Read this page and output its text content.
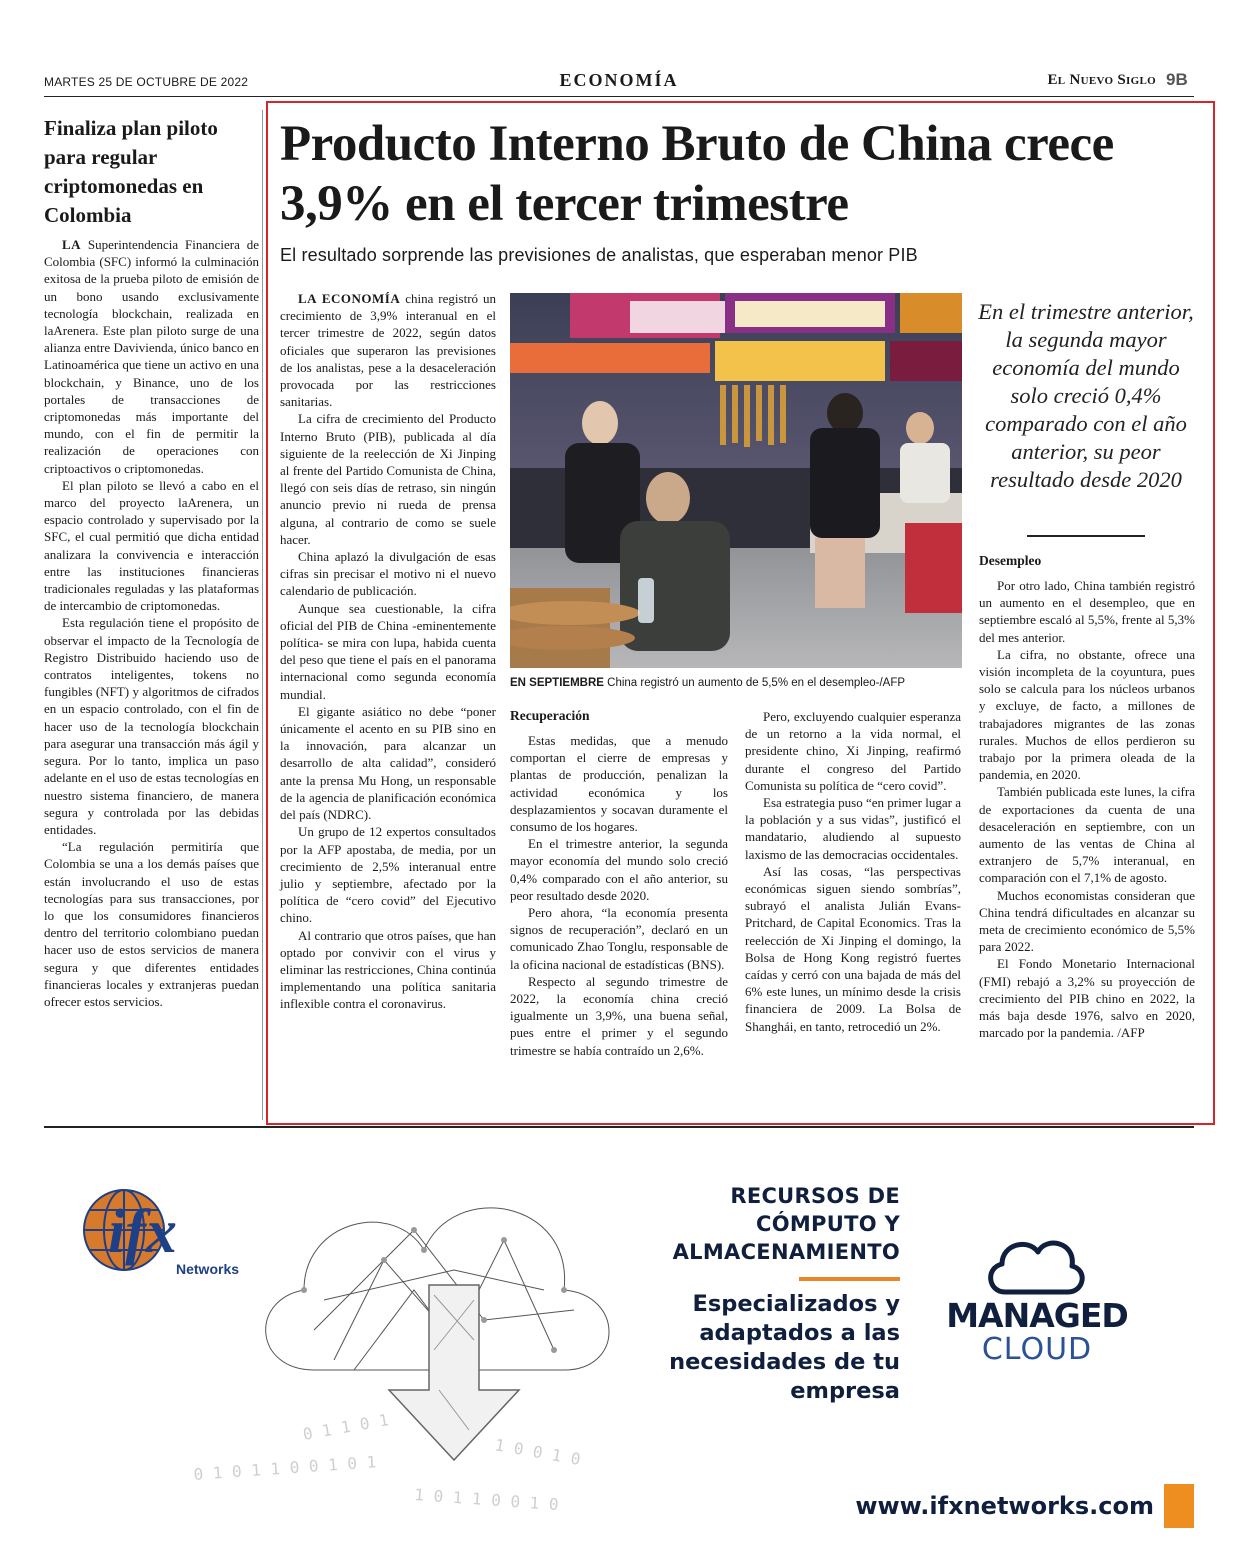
MARTES 25 DE OCTUBRE DE 2022	ECONOMÍA	El Nuevo Siglo 9B
Finaliza plan piloto para regular criptomonedas en Colombia

LA Superintendencia Financiera de Colombia (SFC) informó la culminación exitosa de la prueba piloto de emisión de un bono usando exclusivamente tecnología blockchain, realizada en laArenera. Este plan piloto surge de una alianza entre Davivienda, único banco en Latinoamérica que tiene un activo en una blockchain, y Binance, uno de los portales de transacciones de criptomonedas más importante del mundo, con el fin de permitir la realización de operaciones con criptoactivos o criptomonedas.

El plan piloto se llevó a cabo en el marco del proyecto laArenera, un espacio controlado y supervisado por la SFC, el cual permitió que dicha entidad analizara la convivencia e interacción entre las instituciones financieras tradicionales reguladas y las plataformas de intercambio de criptomonedas.

Esta regulación tiene el propósito de observar el impacto de la Tecnología de Registro Distribuido haciendo uso de contratos inteligentes, tokens no fungibles (NFT) y algoritmos de cifrados en un espacio controlado, con el fin de hacer uso de la tecnología blockchain para asegurar una transacción más ágil y segura. Por lo tanto, implica un paso adelante en el uso de estas tecnologías en nuestro sistema financiero, de manera segura y controlada por las debidas entidades.

“La regulación permitiría que Colombia se una a los demás países que están involucrando el uso de estas tecnologías para sus transacciones, por lo que los consumidores financieros dentro del territorio colombiano puedan hacer uso de estos servicios de manera segura y que diferentes entidades financieras locales y extranjeras puedan ofrecer estos servicios.

Producto Interno Bruto de China crece 3,9% en el tercer trimestre
El resultado sorprende las previsiones de analistas, que esperaban menor PIB

LA ECONOMÍA china registró un crecimiento de 3,9% interanual en el tercer trimestre de 2022, según datos oficiales que superaron las previsiones de los analistas, pese a la desaceleración provocada por las restricciones sanitarias.

La cifra de crecimiento del Producto Interno Bruto (PIB), publicada al día siguiente de la reelección de Xi Jinping al frente del Partido Comunista de China, llegó con seis días de retraso, sin ningún anuncio previo ni rueda de prensa alguna, al contrario de como se suele hacer.

China aplazó la divulgación de esas cifras sin precisar el motivo ni el nuevo calendario de publicación.

Aunque sea cuestionable, la cifra oficial del PIB de China -eminentemente política- se mira con lupa, habida cuenta del peso que tiene el país en el panorama internacional como segunda economía mundial.

El gigante asiático no debe “poner únicamente el acento en su PIB sino en la innovación, para alcanzar un desarrollo de alta calidad”, consideró ante la prensa Mu Hong, un responsable de la agencia de planificación económica del país (NDRC).

Un grupo de 12 expertos consultados por la AFP apostaba, de media, por un crecimiento de 2,5% interanual entre julio y septiembre, afectado por la política de “cero covid” del Ejecutivo chino.

Al contrario que otros países, que han optado por convivir con el virus y eliminar las restricciones, China continúa implementando una política sanitaria inflexible contra el coronavirus.

EN SEPTIEMBRE China registró un aumento de 5,5% en el desempleo-/AFP
Recuperación

Estas medidas, que a menudo comportan el cierre de empresas y plantas de producción, penalizan la actividad económica y los desplazamientos y socavan duramente el consumo de los hogares.

En el trimestre anterior, la segunda mayor economía del mundo solo creció 0,4% comparado con el año anterior, su peor resultado desde 2020.

Pero ahora, “la economía presenta signos de recuperación”, declaró en un comunicado Zhao Tonglu, responsable de la oficina nacional de estadísticas (BNS).

Respecto al segundo trimestre de 2022, la economía china creció igualmente un 3,9%, una buena señal, pues entre el primer y el segundo trimestre se había contraído un 2,6%.

Pero, excluyendo cualquier esperanza de un retorno a la vida normal, el presidente chino, Xi Jinping, reafirmó durante el congreso del Partido Comunista su política de “cero covid”.

Esa estrategia puso “en primer lugar a la población y a sus vidas”, justificó el mandatario, aludiendo al supuesto laxismo de las democracias occidentales.

Así las cosas, “las perspectivas económicas siguen siendo sombrías”, subrayó el analista Julián Evans-Pritchard, de Capital Economics. Tras la reelección de Xi Jinping el domingo, la Bolsa de Hong Kong registró fuertes caídas y cerró con una bajada de más del 6% este lunes, un mínimo desde la crisis financiera de 2009. La Bolsa de Shanghái, en tanto, retrocedió un 2%.

En el trimestre anterior, la segunda mayor economía del mundo solo creció 0,4% comparado con el año anterior, su peor resultado desde 2020
Desempleo

Por otro lado, China también registró un aumento en el desempleo, que en septiembre escaló al 5,5%, frente al 5,3% del mes anterior.

La cifra, no obstante, ofrece una visión incompleta de la coyuntura, pues solo se calcula para los núcleos urbanos y excluye, de facto, a millones de trabajadores migrantes de las zonas rurales. Muchos de ellos perdieron su trabajo por la primera oleada de la pandemia, en 2020.

También publicada este lunes, la cifra de exportaciones da cuenta de una desaceleración en septiembre, con un aumento de las ventas de China al extranjero de 5,7% interanual, en comparación con el 7,1% de agosto.

Muchos economistas consideran que China tendrá dificultades en alcanzar su meta de crecimiento económico de 5,5% para 2022.

El Fondo Monetario Internacional (FMI) rebajó a 3,2% su proyección de crecimiento del PIB chino en 2022, la más baja desde 1976, salvo en 2020, marcado por la pandemia. /AFP

ifx
Networks
0 1 0 1 1 0 0 1 0 1
1 0 1 1 0 0 1 0
0 1 1 0 1
1 0 0 1 0
RECURSOS DE
CÓMPUTO Y
ALMACENAMIENTO
Especializados y
adaptados a las
necesidades de tu
empresa
MANAGED
CLOUD
www.ifxnetworks.com
